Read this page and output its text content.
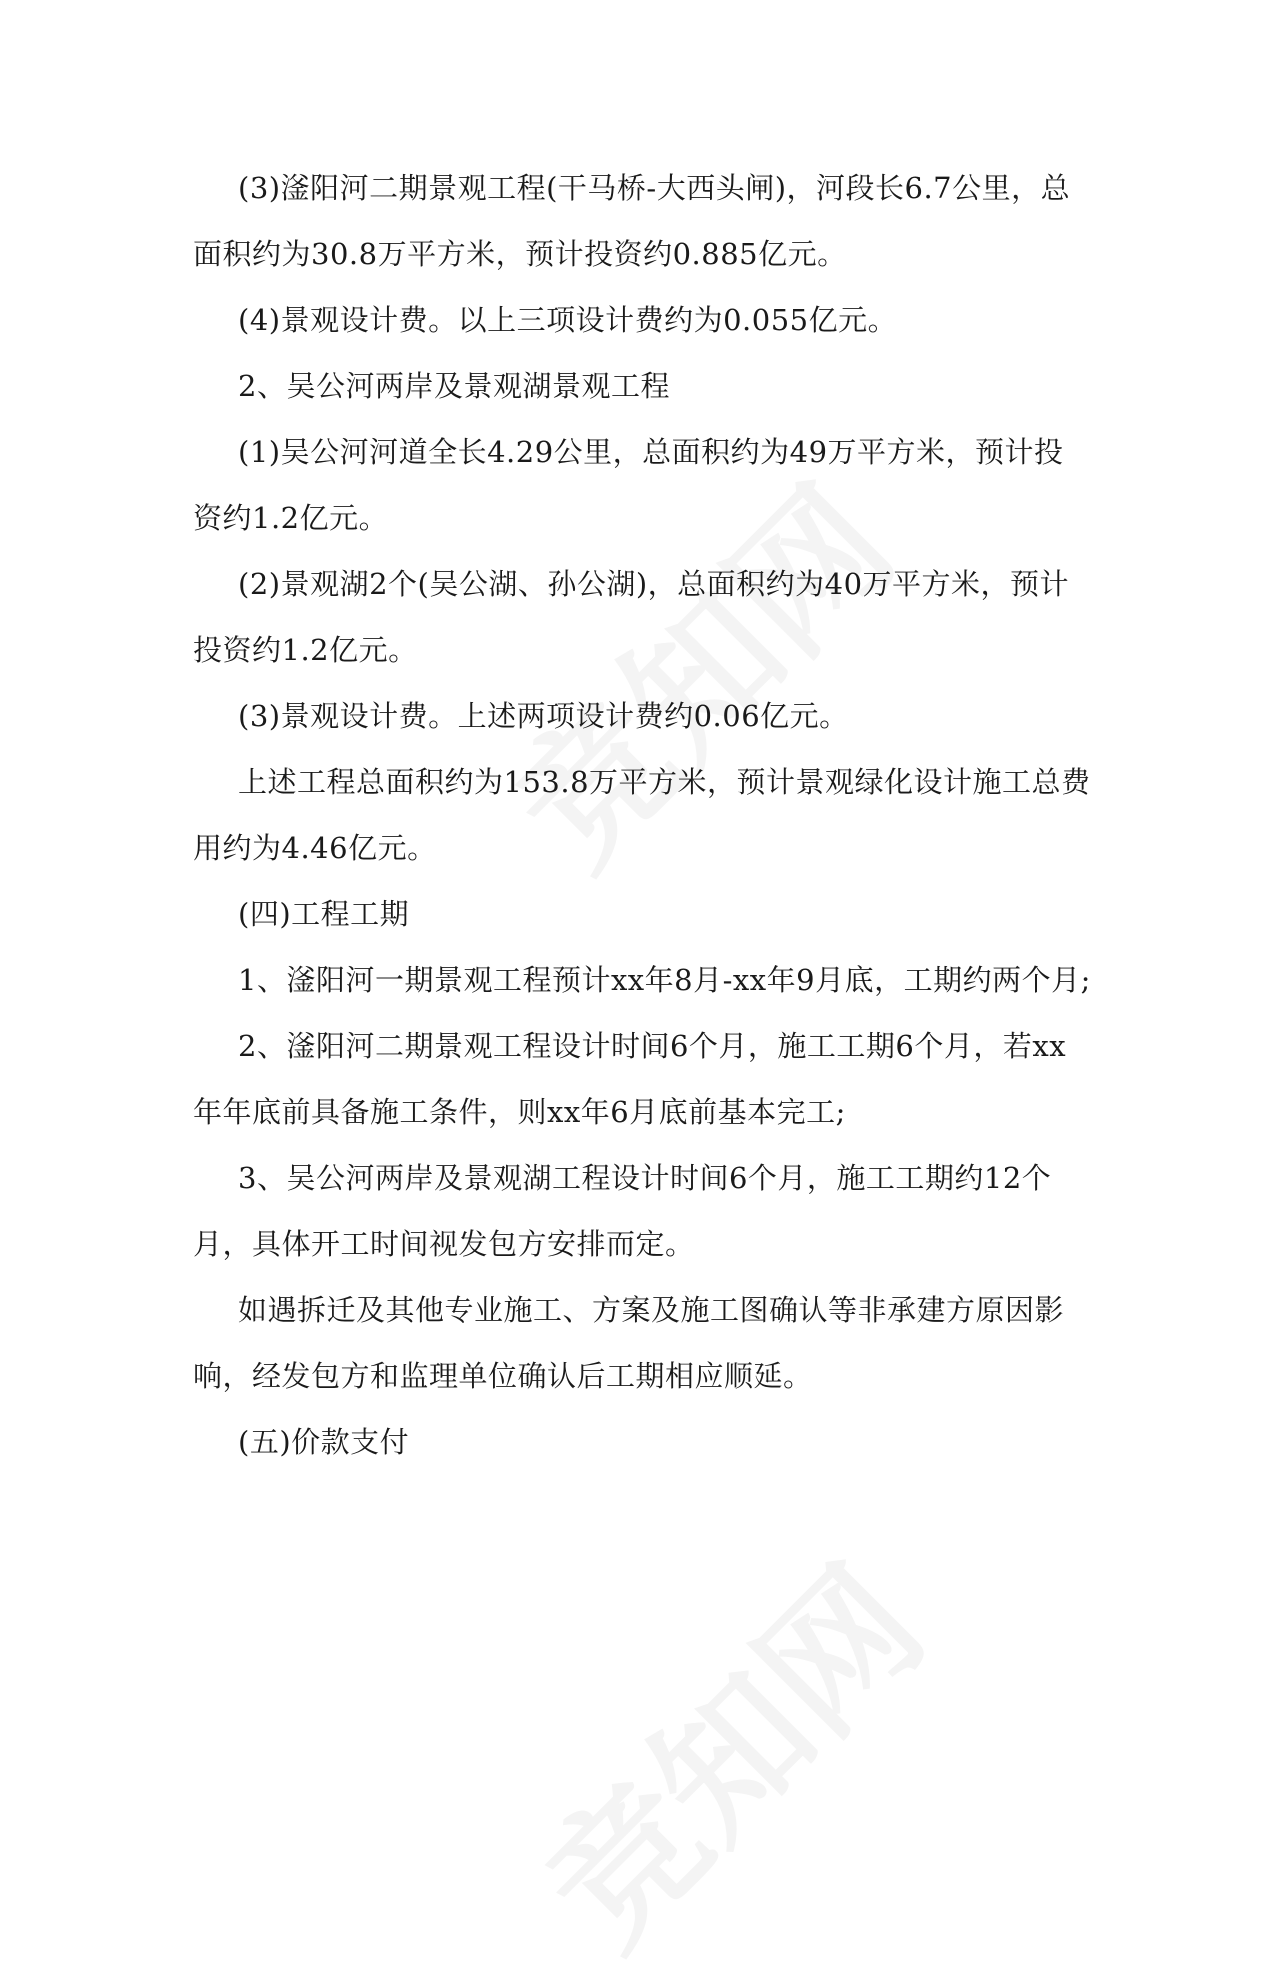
(3)滏阳河二期景观工程(干马桥-大西头闸)，河段长6.7公里，总面积约为30.8万平方米，预计投资约0.885亿元。

(4)景观设计费。以上三项设计费约为0.055亿元。

2、吴公河两岸及景观湖景观工程

(1)吴公河河道全长4.29公里，总面积约为49万平方米，预计投资约1.2亿元。

(2)景观湖2个(吴公湖、孙公湖)，总面积约为40万平方米，预计投资约1.2亿元。

(3)景观设计费。上述两项设计费约0.06亿元。

上述工程总面积约为153.8万平方米，预计景观绿化设计施工总费用约为4.46亿元。

(四)工程工期

1、滏阳河一期景观工程预计xx年8月-xx年9月底，工期约两个月;

2、滏阳河二期景观工程设计时间6个月，施工工期6个月，若xx年年底前具备施工条件，则xx年6月底前基本完工;

3、吴公河两岸及景观湖工程设计时间6个月，施工工期约12个月，具体开工时间视发包方安排而定。

如遇拆迁及其他专业施工、方案及施工图确认等非承建方原因影响，经发包方和监理单位确认后工期相应顺延。

(五)价款支付
